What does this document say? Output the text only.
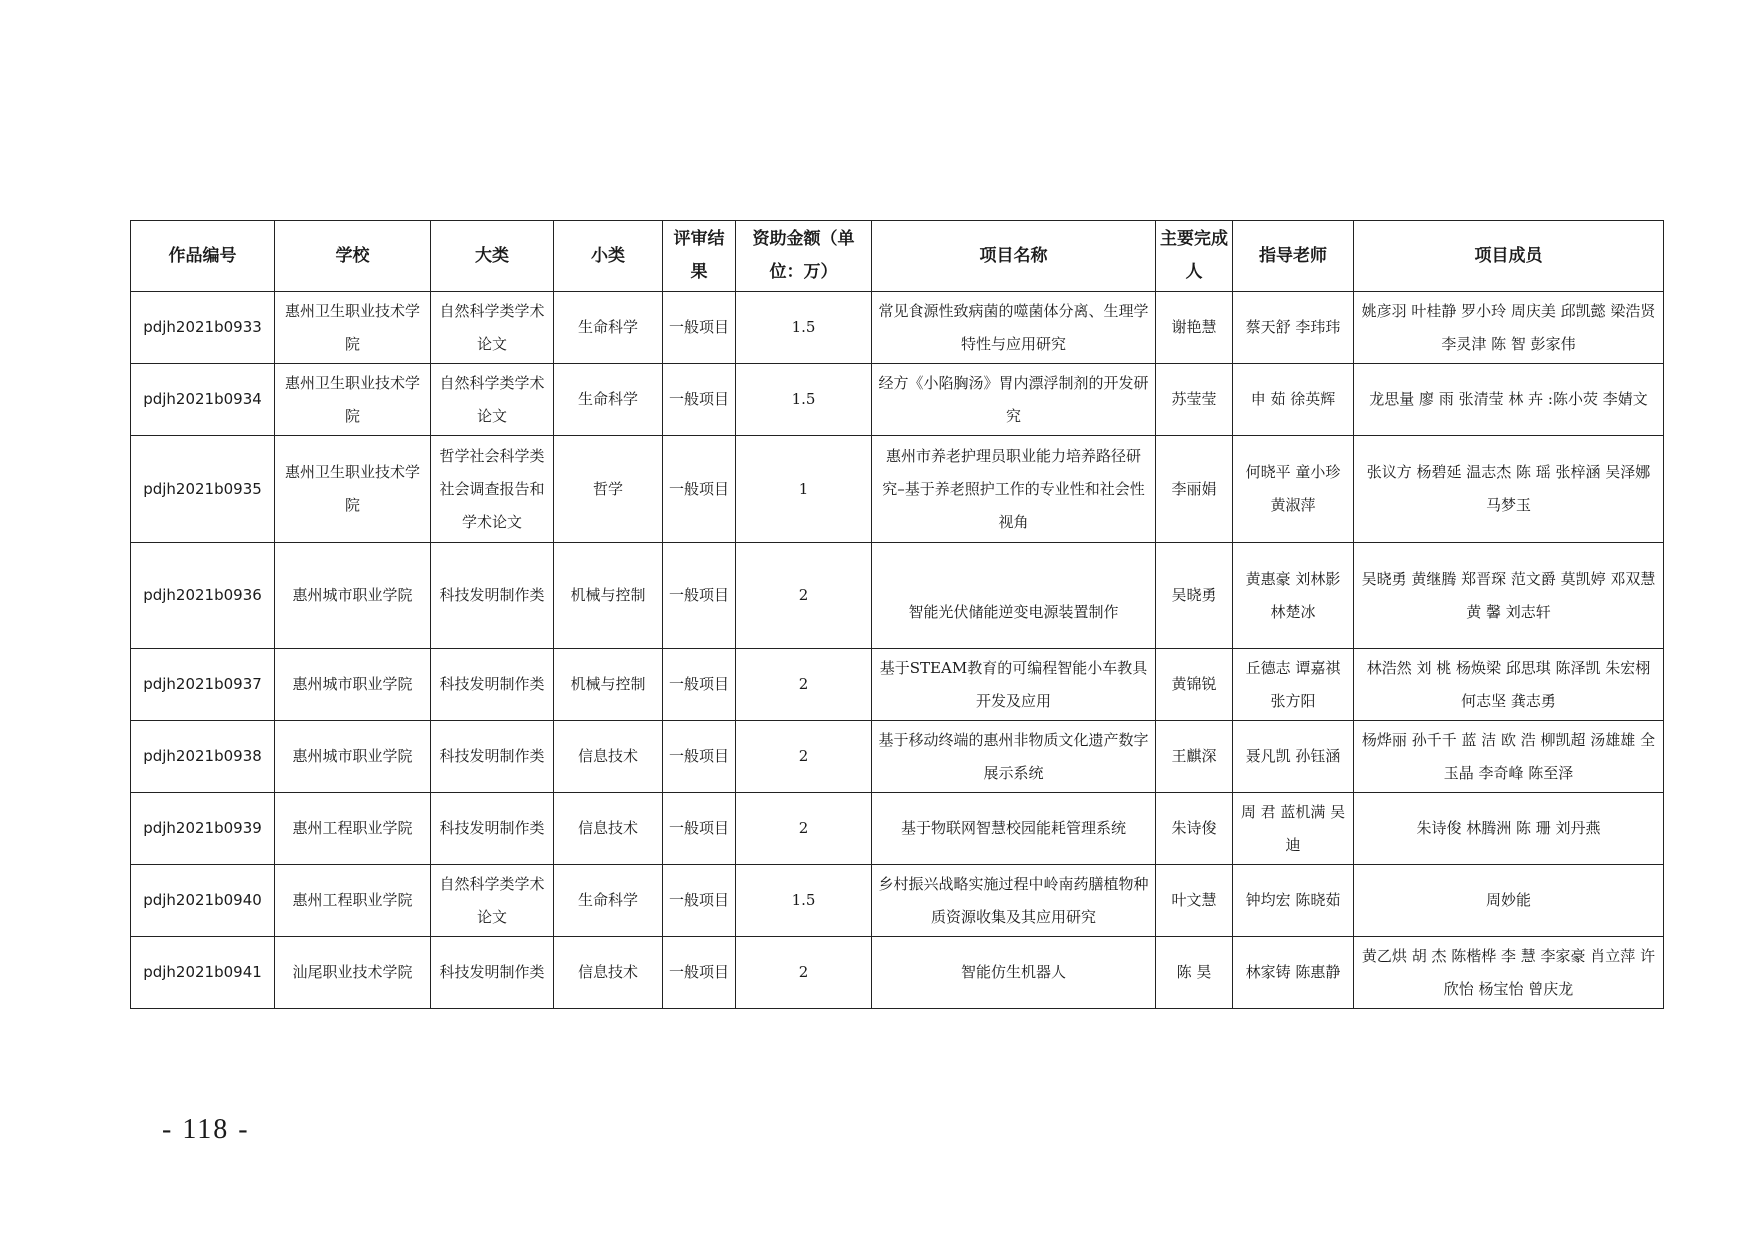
作品编号	学校	大类	小类	评审结果	资助金额（单位：万）	项目名称	主要完成人	指导老师	项目成员
pdjh2021b0933	惠州卫生职业技术学院	自然科学类学术论文	生命科学	一般项目	1.5	常见食源性致病菌的噬菌体分离、生理学特性与应用研究	谢艳慧	蔡天舒 李玮玮	姚彦羽 叶桂静 罗小玲 周庆美 邱凯懿 梁浩贤 李灵津 陈 智 彭家伟
pdjh2021b0934	惠州卫生职业技术学院	自然科学类学术论文	生命科学	一般项目	1.5	经方《小陷胸汤》胃内漂浮制剂的开发研究	苏莹莹	申 茹 徐英辉	龙思量 廖 雨 张清莹 林 卉 :陈小荧 李婧文
pdjh2021b0935	惠州卫生职业技术学院	哲学社会科学类社会调查报告和学术论文	哲学	一般项目	1	惠州市养老护理员职业能力培养路径研究–基于养老照护工作的专业性和社会性视角	李丽娟	何晓平 童小珍 黄淑萍	张议方 杨碧延 温志杰 陈 瑶 张梓涵 吴泽娜 马梦玉
pdjh2021b0936	惠州城市职业学院	科技发明制作类	机械与控制	一般项目	2	智能光伏储能逆变电源装置制作	吴晓勇	黄惠豪 刘林影 林楚冰	吴晓勇 黄继腾 郑晋琛 范文爵 莫凯婷 邓双慧 黄 馨 刘志轩
pdjh2021b0937	惠州城市职业学院	科技发明制作类	机械与控制	一般项目	2	基于STEAM教育的可编程智能小车教具开发及应用	黄锦锐	丘德志 谭嘉祺 张方阳	林浩然 刘 桃 杨焕梁 邱思琪 陈泽凯 朱宏栩 何志坚 龚志勇
pdjh2021b0938	惠州城市职业学院	科技发明制作类	信息技术	一般项目	2	基于移动终端的惠州非物质文化遗产数字展示系统	王麒深	聂凡凯 孙钰涵	杨烨丽 孙千千 蓝 洁 欧 浩 柳凯超 汤雄雄 全玉晶 李奇峰 陈至泽
pdjh2021b0939	惠州工程职业学院	科技发明制作类	信息技术	一般项目	2	基于物联网智慧校园能耗管理系统	朱诗俊	周 君 蓝机满 吴 迪	朱诗俊 林腾洲 陈 珊 刘丹燕
pdjh2021b0940	惠州工程职业学院	自然科学类学术论文	生命科学	一般项目	1.5	乡村振兴战略实施过程中岭南药膳植物种质资源收集及其应用研究	叶文慧	钟均宏 陈晓茹	周妙能
pdjh2021b0941	汕尾职业技术学院	科技发明制作类	信息技术	一般项目	2	智能仿生机器人	陈 昊	林家铸 陈惠静	黄乙烘 胡 杰 陈楷桦 李 慧 李家豪 肖立萍 许欣怡 杨宝怡 曾庆龙
- 118 -
